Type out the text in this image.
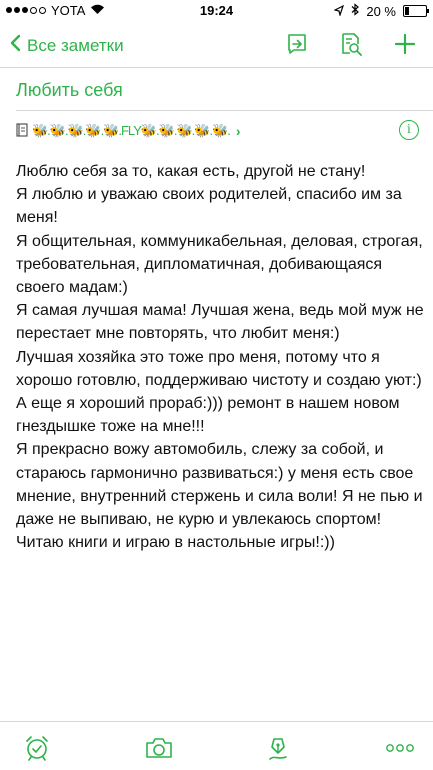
YOTA	19:24	20 %
Все заметки
Любить себя
🐝.🐝.🐝.🐝.🐝.FLY🐝.🐝.🐝.🐝.🐝. ›	i
Люблю себя за то, какая есть, другой не стану!
Я люблю и уважаю своих родителей, спасибо им за меня!
Я общительная, коммуникабельная, деловая, строгая, требовательная, дипломатичная, добивающаяся своего мадам:)
Я самая лучшая мама! Лучшая жена, ведь мой муж не перестает мне повторять, что любит меня:)
Лучшая хозяйка это тоже про меня, потому что я хорошо готовлю, поддерживаю чистоту и создаю уют:) А еще я хороший прораб:))) ремонт в нашем новом гнездышке тоже на мне!!!
Я прекрасно вожу автомобиль, слежу за собой, и стараюсь гармонично развиваться:) у меня есть свое мнение, внутренний стержень и сила воли! Я не пью и даже не выпиваю, не курю и увлекаюсь спортом! Читаю книги и играю в настольные игры!:))
